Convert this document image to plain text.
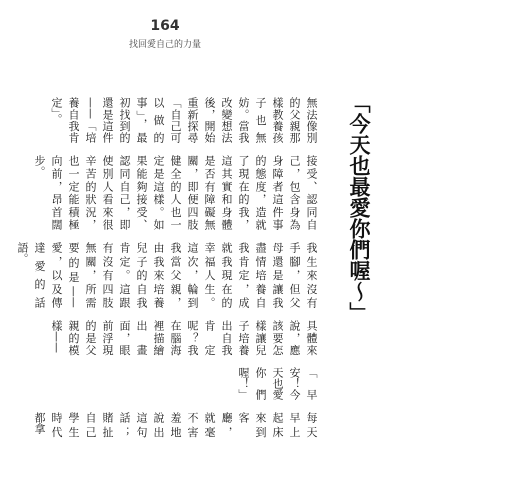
164
找回愛自己的力量
「今天也最愛你們喔～」

無法像別的父親那樣教養孩子也無妨。當我改變想法後，開始重新探尋「自己可以做的事」，最初找到的還是這件——「培養自我肯定」。

接受、認同自己，包含身為身障者這件事的態度，造就了現在的我，這其實和身體是否有障礙無關，即便四肢健全的人也一定是這樣。如果能夠接受、認同自己，即使別人看來很辛苦的狀況，也一定能積極向前，昂首闊步。

我生來沒有手腳，但父母還是讓我盡情培養自我肯定，成就我現在的幸福人生。這次，輪到我當父親，由我來培養兒子的自我肯定。這跟有沒有四肢無關，所需要的是——愛，以及傳達愛的話語。

具體來說，應該要怎樣讓兒子培養出自我肯定呢？我在腦海裡描繪出畫面，眼前浮現的是父親的模樣——

「早安！今天也愛你們喔！」

每天早上起床來到客廳，就毫不害羞地說出這句話；賭扯自己學生時代都拿
